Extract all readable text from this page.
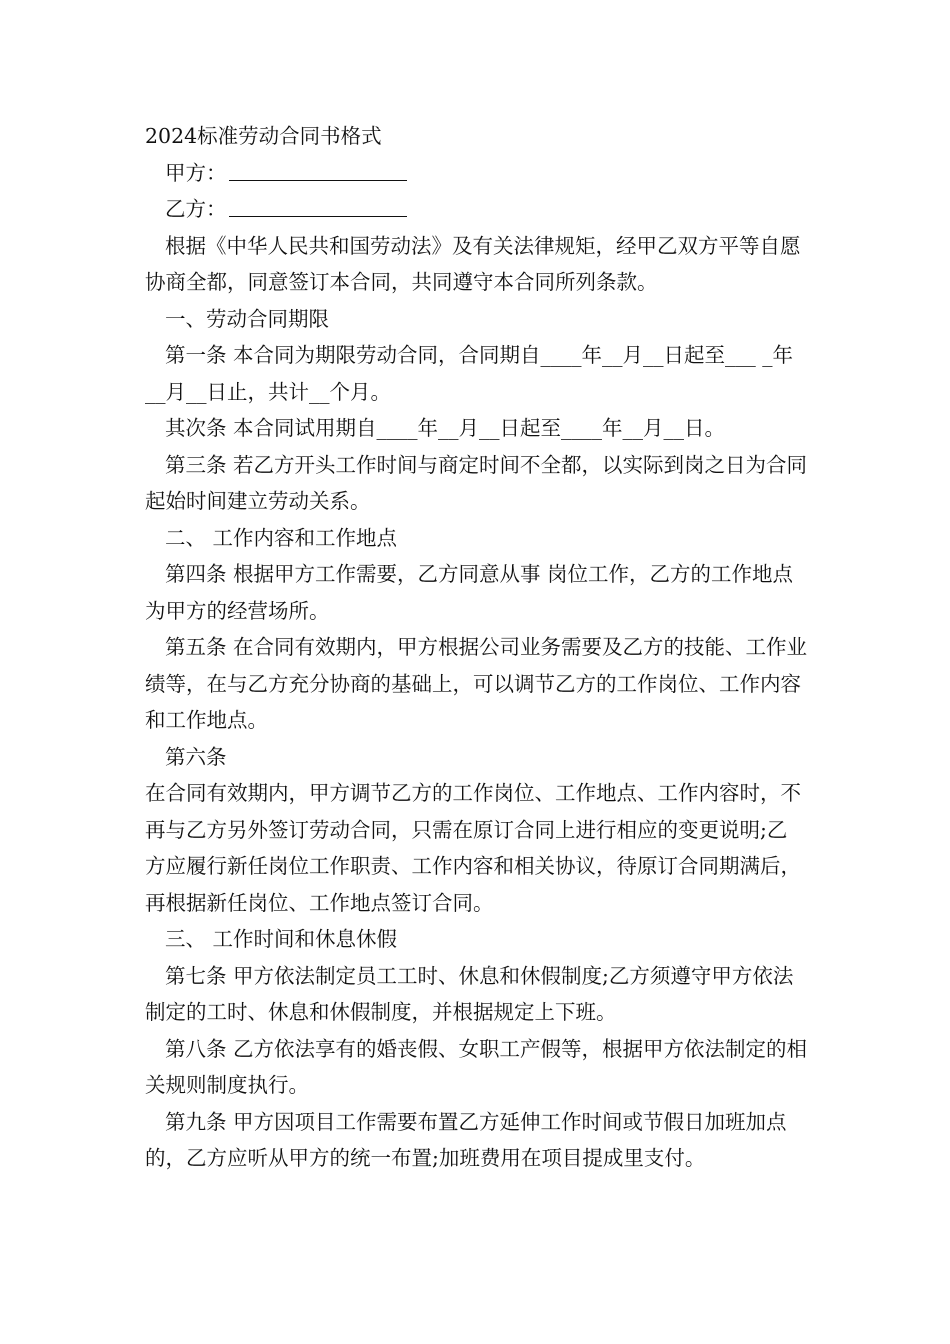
2024标准劳动合同书格式

甲方：

乙方：

根据《中华人民共和国劳动法》及有关法律规矩，经甲乙双方平等自愿协商全都，同意签订本合同，共同遵守本合同所列条款。

一、劳动合同期限

第一条 本合同为期限劳动合同，合同期自____年__月__日起至___ _年__月__日止，共计__个月。

其次条 本合同试用期自____年__月__日起至____年__月__日。

第三条 若乙方开头工作时间与商定时间不全都，以实际到岗之日为合同起始时间建立劳动关系。

二、 工作内容和工作地点

第四条 根据甲方工作需要，乙方同意从事 岗位工作，乙方的工作地点为甲方的经营场所。

第五条 在合同有效期内，甲方根据公司业务需要及乙方的技能、工作业绩等，在与乙方充分协商的基础上，可以调节乙方的工作岗位、工作内容和工作地点。

第六条

在合同有效期内，甲方调节乙方的工作岗位、工作地点、工作内容时，不再与乙方另外签订劳动合同，只需在原订合同上进行相应的变更说明;乙方应履行新任岗位工作职责、工作内容和相关协议，待原订合同期满后，再根据新任岗位、工作地点签订合同。

三、 工作时间和休息休假

第七条 甲方依法制定员工工时、休息和休假制度;乙方须遵守甲方依法制定的工时、休息和休假制度，并根据规定上下班。

第八条 乙方依法享有的婚丧假、女职工产假等，根据甲方依法制定的相关规则制度执行。

第九条 甲方因项目工作需要布置乙方延伸工作时间或节假日加班加点的，乙方应听从甲方的统一布置;加班费用在项目提成里支付。
